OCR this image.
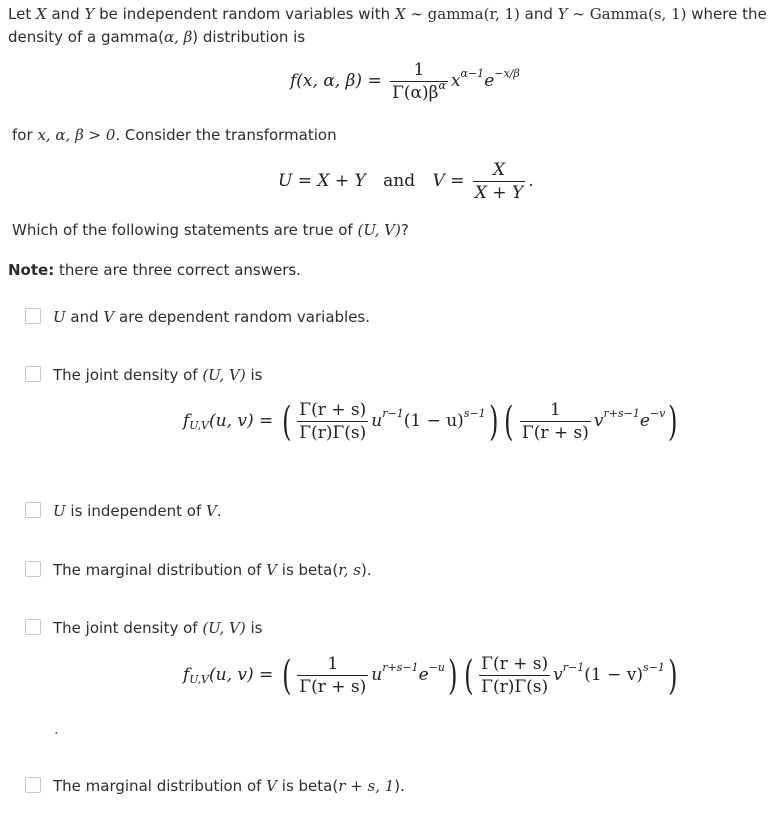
Let X and Y be independent random variables with X ∼ gamma(r, 1) and Y ∼ Gamma(s, 1) where the
density of a gamma(α, β) distribution is
f(x, α, $\beta) = \frac{1}{\Gamma(\alpha)\beta^\alpha} x^{\alpha-1}e^{-x/\beta}$
for x, α, β > 0. Consider the transformation
U = X + Y and $V = \frac{X}{X + Y}$ .
Which of the following statements are true of (U, V)?
Note: there are three correct answers.
U and V are dependent random variables.
The joint density of (U, V) is
$f_{U,V}(u$, v) = ( $\frac{\Gamma(r + s)}{\Gamma(r)\Gamma(s)} u^{r-1}(1 - u)^{s-1}$) ( $\frac{1}{\Gamma(r + s)} v^{r+s-1}e^{-v}$)
U is independent of V.
The marginal distribution of V is beta(r, s).
The joint density of (U, V) is
$f_{U,V}(u$, v) = ( $\frac{1}{\Gamma(r + s)} u^{r+s-1}e^{-u}$) ( $\frac{\Gamma(r + s)}{\Gamma(r)\Gamma(s)} v^{r-1}(1 - v)^{s-1}$)
.
The marginal distribution of V is beta(r + s, 1).
